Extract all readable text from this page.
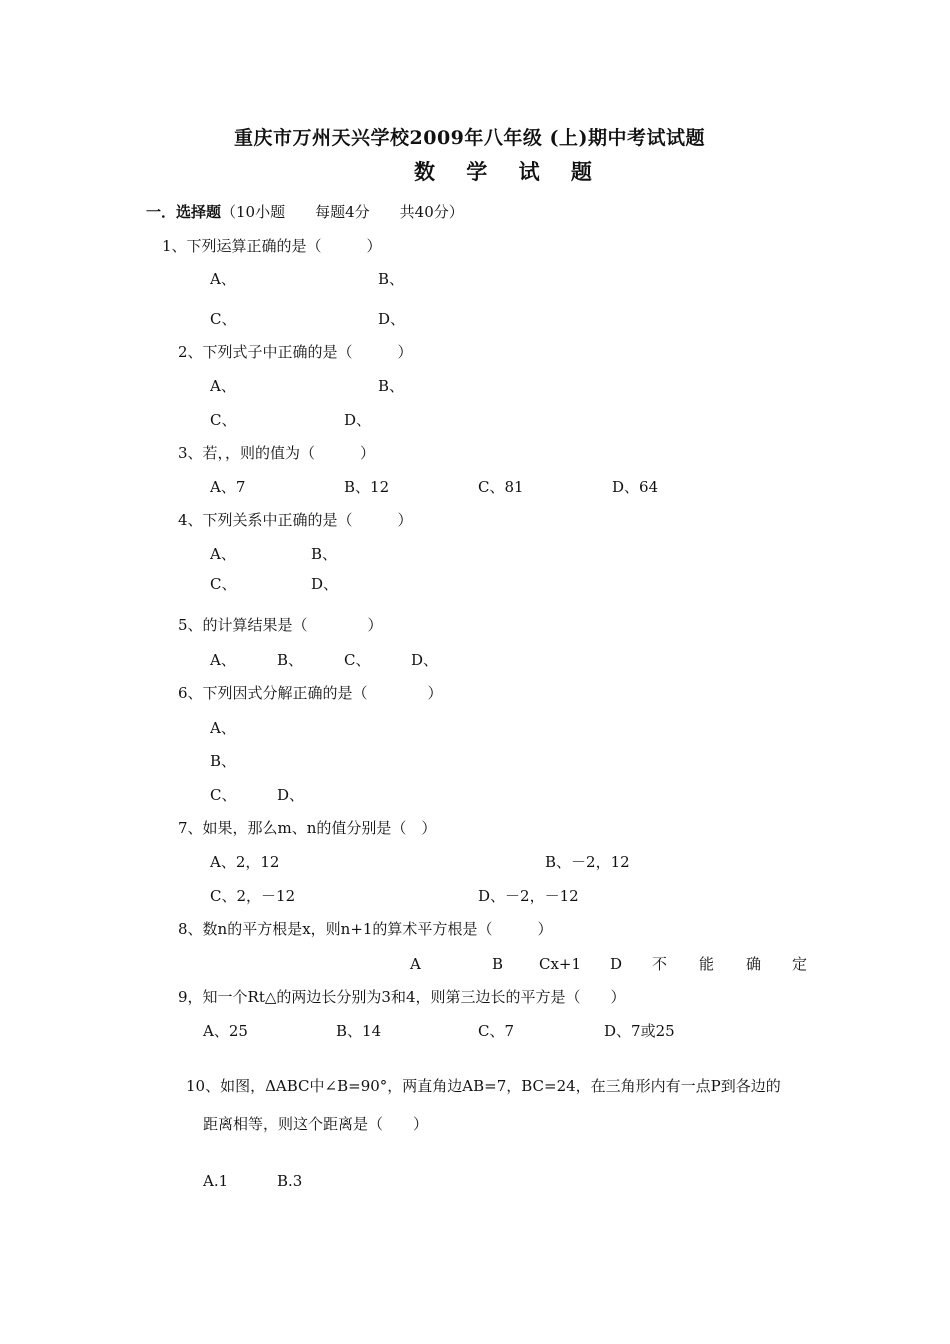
重庆市万州天兴学校2009年八年级 (上)期中考试试题
数 学 试 题
一．选择题（10小题　　每题4分　　共40分）
1、下列运算正确的是（　　　）
A、	B、
C、	D、
2、下列式子中正确的是（　　　）
A、	B、
C、	D、
3、若，，则的值为（　　　）
A、7	B、12	C、81	D、64
4、下列关系中正确的是（　　　）
A、	B、
C、	D、
5、的计算结果是（　　　　）
A、	B、	C、	D、
6、下列因式分解正确的是（　　　　）
A、
B、
C、	D、
7、如果，那么m、n的值分别是（　）
A、2，12	B、－2，12
C、2，－12	D、－2，－12
8、数n的平方根是x，则n+1的算术平方根是（　　　）
A	B Cx+1 D 不 能 确 定
9，知一个Rt△的两边长分别为3和4，则第三边长的平方是（　　）
A、25	B、14	C、7	D、7或25
10、如图，ΔABC中∠B=90°，两直角边AB=7，BC=24，在三角形内有一点P到各边的
距离相等，则这个距离是（　　）
A.1	B.3
